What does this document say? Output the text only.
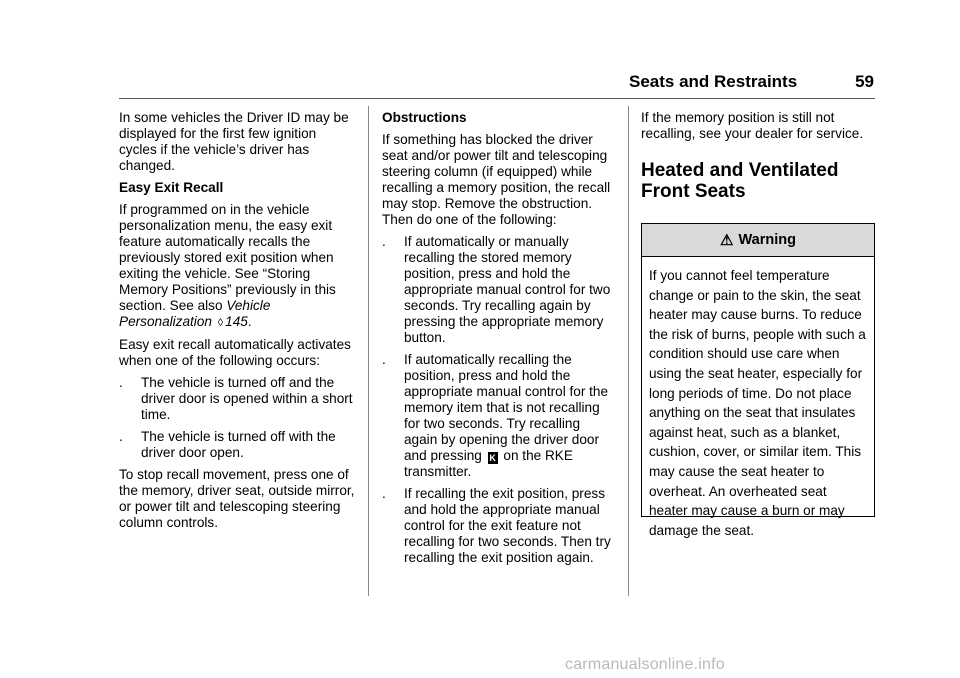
Seats and Restraints	59

In some vehicles the Driver ID may be displayed for the first few ignition cycles if the vehicle’s driver has changed.

Easy Exit Recall

If programmed on in the vehicle personalization menu, the easy exit feature automatically recalls the previously stored exit position when exiting the vehicle. See “Storing Memory Positions” previously in this section. See also Vehicle Personalization ◊ 145.

Easy exit recall automatically activates when one of the following occurs:

.	The vehicle is turned off and the driver door is opened within a short time.
.	The vehicle is turned off with the driver door open.

To stop recall movement, press one of the memory, driver seat, outside mirror, or power tilt and telescoping steering column controls.

Obstructions

If something has blocked the driver seat and/or power tilt and telescoping steering column (if equipped) while recalling a memory position, the recall may stop. Remove the obstruction. Then do one of the following:

.	If automatically or manually recalling the stored memory position, press and hold the appropriate manual control for two seconds. Try recalling again by pressing the appropriate memory button.
.	If automatically recalling the position, press and hold the appropriate manual control for the memory item that is not recalling for two seconds. Try recalling again by opening the driver door and pressing K on the RKE transmitter.
.	If recalling the exit position, press and hold the appropriate manual control for the exit feature not recalling for two seconds. Then try recalling the exit position again.

If the memory position is still not recalling, see your dealer for service.

Heated and Ventilated Front Seats
⚠ Warning
If you cannot feel temperature change or pain to the skin, the seat heater may cause burns. To reduce the risk of burns, people with such a condition should use care when using the seat heater, especially for long periods of time. Do not place anything on the seat that insulates against heat, such as a blanket, cushion, cover, or similar item. This may cause the seat heater to overheat. An overheated seat heater may cause a burn or may damage the seat.
carmanualsonline.info
